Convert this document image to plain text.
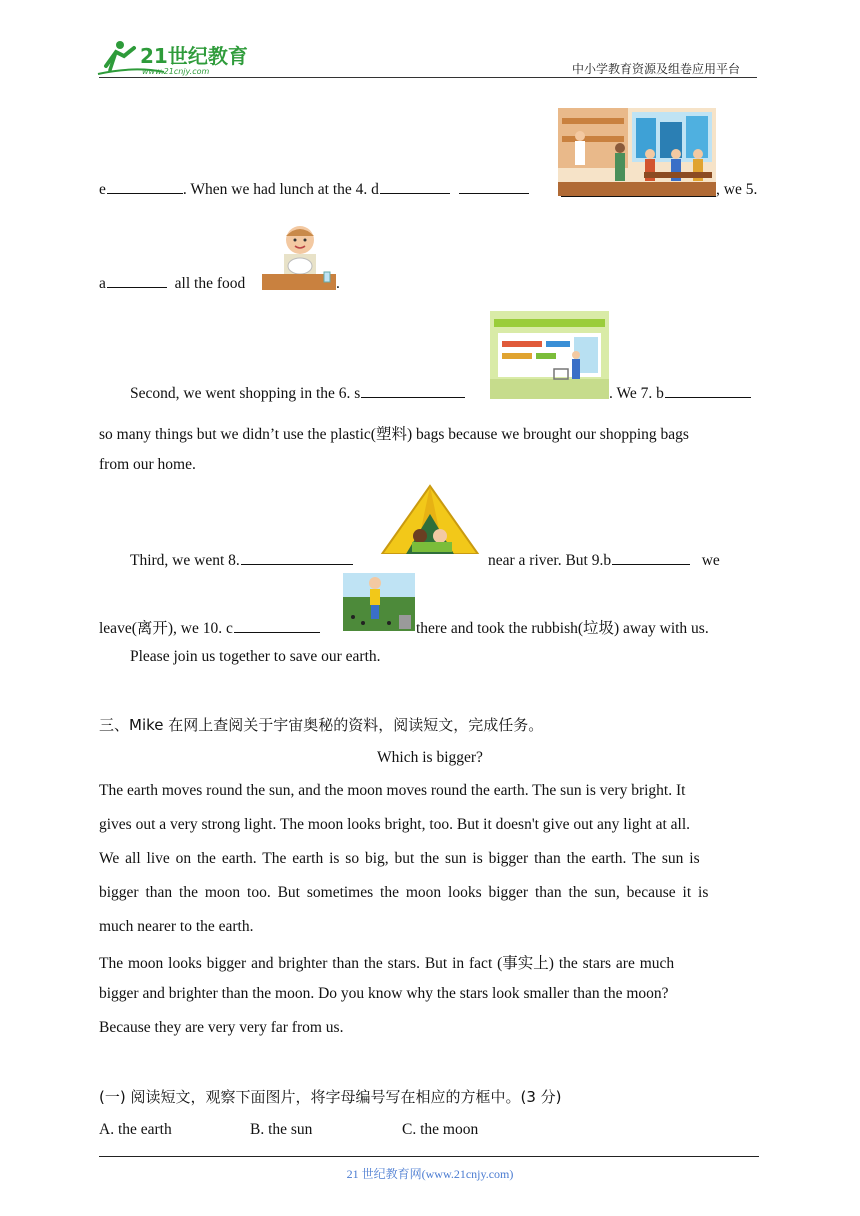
21世纪教育
www.21cnjy.com	中小学教育资源及组卷应用平台
e	. When we had lunch at the 4. d	, we 5.
a	all the food	.
Second, we went shopping in the 6. s	. We 7. b
so many things but we didn’t use the plastic(塑料) bags because we brought our shopping bags
from our home.
Third, we went 8.	near a river. But 9.b	we
leave(离开), we 10. c	there and took the rubbish(垃圾) away with us.
Please join us together to save our earth.
三、Mike 在网上查阅关于宇宙奥秘的资料，阅读短文，完成任务。
Which is bigger?
The earth moves round the sun, and the moon moves round the earth. The sun is very bright. It
gives out a very strong light. The moon looks bright, too. But it doesn't give out any light at all.
We all live on the earth. The earth is so big, but the sun is bigger than the earth. The sun is
bigger than the moon too. But sometimes the moon looks bigger than the sun, because it is
much nearer to the earth.
The moon looks bigger and brighter than the stars. But in fact (事实上) the stars are much
bigger and brighter than the moon. Do you know why the stars look smaller than the moon?
Because they are very very far from us.
(一) 阅读短文，观察下面图片，将字母编号写在相应的方框中。(3 分)
A. the earth	B. the sun	C. the moon
21 世纪教育网(www.21cnjy.com)
